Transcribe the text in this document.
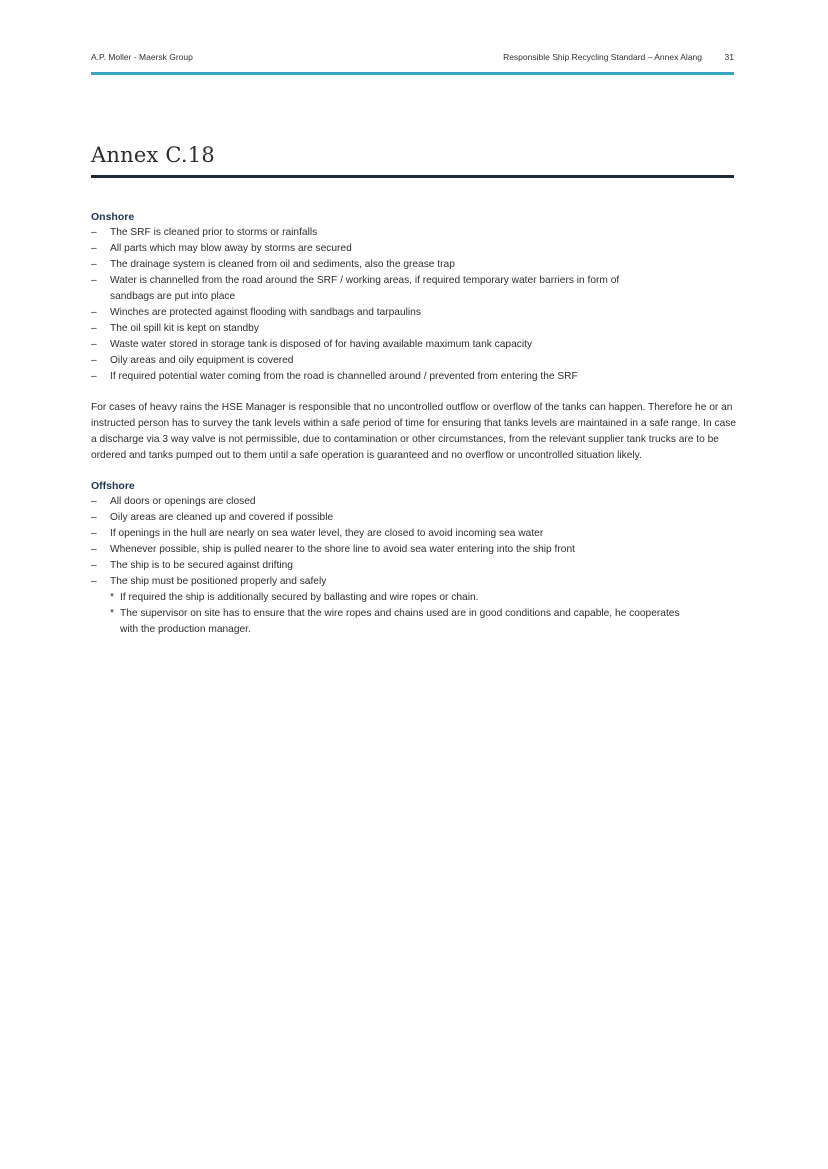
A.P. Moller - Maersk Group	Responsible Ship Recycling Standard – Annex Alang	31
Annex C.18
Onshore
– The SRF is cleaned prior to storms or rainfalls
– All parts which may blow away by storms are secured
– The drainage system is cleaned from oil and sediments, also the grease trap
– Water is channelled from the road around the SRF / working areas, if required temporary water barriers in form of sandbags are put into place
– Winches are protected against flooding with sandbags and tarpaulins
– The oil spill kit is kept on standby
– Waste water stored in storage tank is disposed of for having available maximum tank capacity
– Oily areas and oily equipment is covered
– If required potential water coming from the road is channelled around / prevented from entering the SRF

For cases of heavy rains the HSE Manager is responsible that no uncontrolled outflow or overflow of the tanks can happen. Therefore he or an instructed person has to survey the tank levels within a safe period of time for ensuring that tanks levels are maintained in a safe range. In case a discharge via 3 way valve is not permissible, due to contamination or other circumstances, from the relevant supplier tank trucks are to be ordered and tanks pumped out to them until a safe operation is guaranteed and no overflow or uncontrolled situation likely.

Offshore
– All doors or openings are closed
– Oily areas are cleaned up and covered if possible
– If openings in the hull are nearly on sea water level, they are closed to avoid incoming sea water
– Whenever possible, ship is pulled nearer to the shore line to avoid sea water entering into the ship front
– The ship is to be secured against drifting
– The ship must be positioned properly and safely
* If required the ship is additionally secured by ballasting and wire ropes or chain.
* The supervisor on site has to ensure that the wire ropes and chains used are in good conditions and capable, he cooperates with the production manager.
